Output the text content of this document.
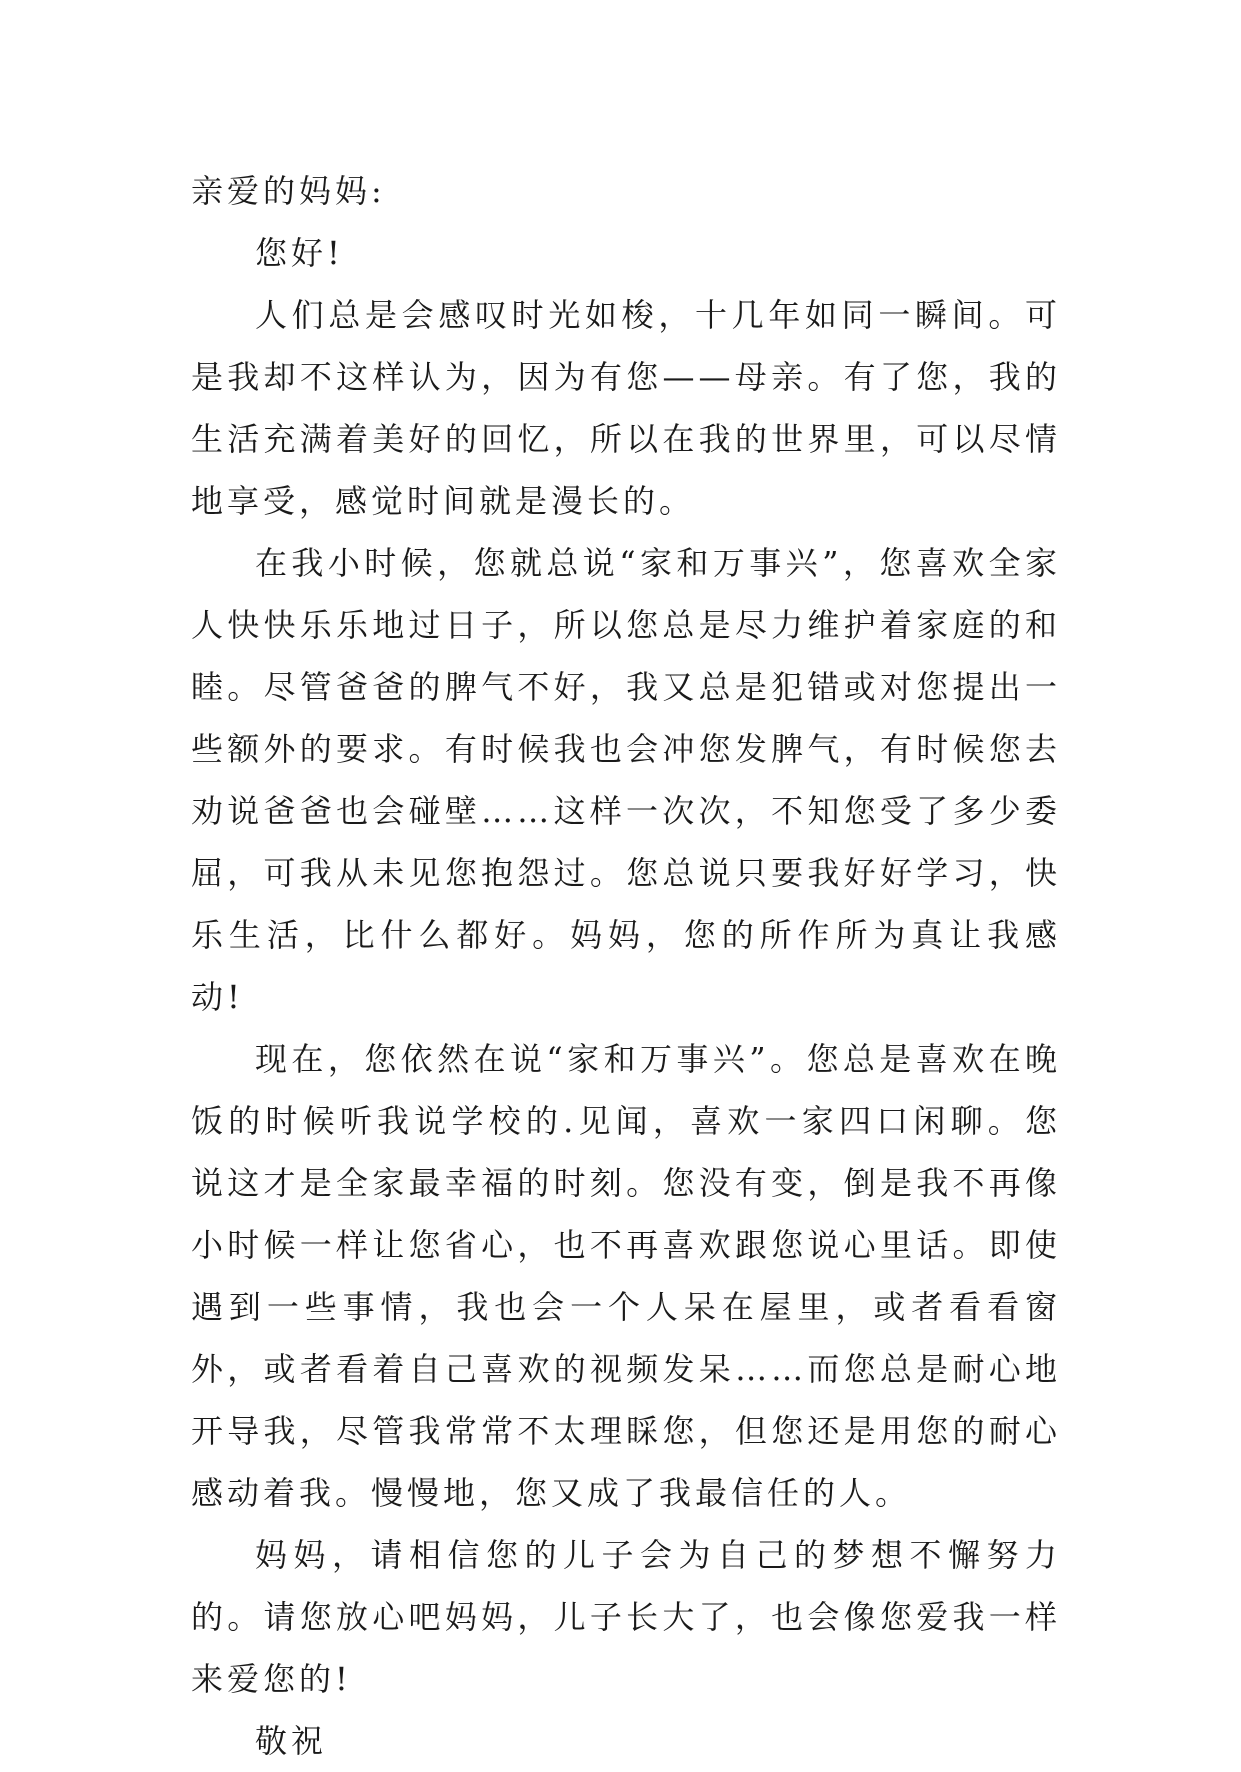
亲爱的妈妈:

您好!

人们总是会感叹时光如梭，十几年如同一瞬间。可是我却不这样认为，因为有您——母亲。有了您，我的生活充满着美好的回忆，所以在我的世界里，可以尽情地享受，感觉时间就是漫长的。

在我小时候，您就总说“家和万事兴”，您喜欢全家人快快乐乐地过日子，所以您总是尽力维护着家庭的和睦。尽管爸爸的脾气不好，我又总是犯错或对您提出一些额外的要求。有时候我也会冲您发脾气，有时候您去劝说爸爸也会碰壁……这样一次次，不知您受了多少委屈，可我从未见您抱怨过。您总说只要我好好学习，快乐生活，比什么都好。妈妈，您的所作所为真让我感动!

现在，您依然在说“家和万事兴”。您总是喜欢在晚饭的时候听我说学校的.见闻，喜欢一家四口闲聊。您说这才是全家最幸福的时刻。您没有变，倒是我不再像小时候一样让您省心，也不再喜欢跟您说心里话。即使遇到一些事情，我也会一个人呆在屋里，或者看看窗外，或者看着自己喜欢的视频发呆……而您总是耐心地开导我，尽管我常常不太理睬您，但您还是用您的耐心感动着我。慢慢地，您又成了我最信任的人。

妈妈，请相信您的儿子会为自己的梦想不懈努力的。请您放心吧妈妈，儿子长大了，也会像您爱我一样来爱您的!

敬祝
